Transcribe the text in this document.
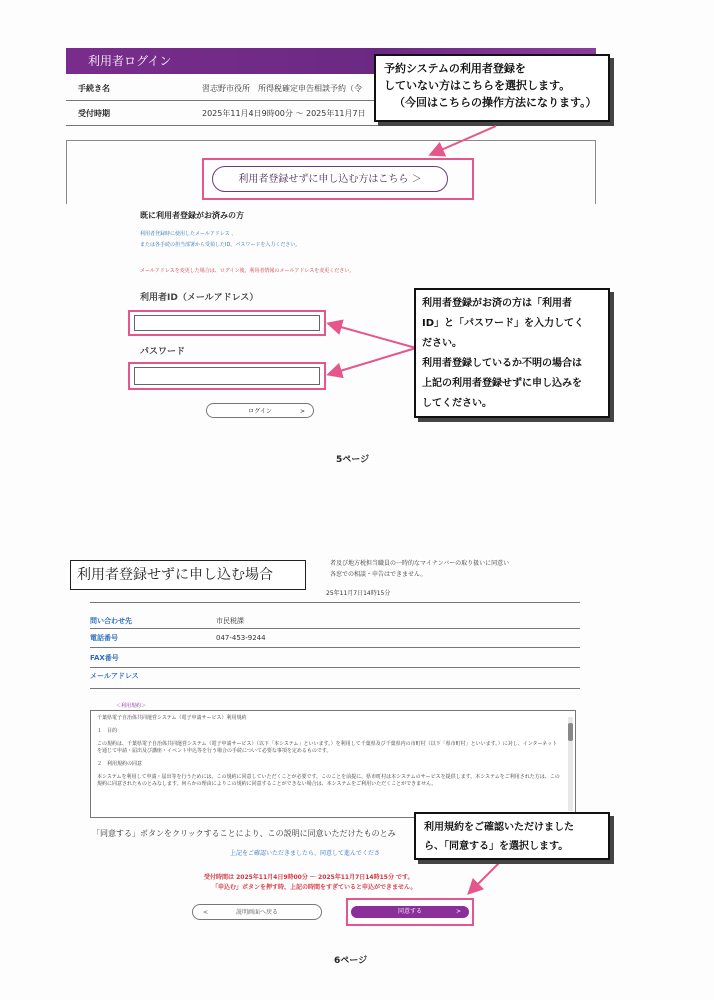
利用者ログイン
手続き名	習志野市役所　所得税確定申告相談予約（令
受付時期	2025年11月4日9時00分 ～ 2025年11月7日
利用者登録せずに申し込む方はこちら ＞
予約システムの利用者登録を
していない方はこちらを選択します。
（今回はこちらの操作方法になります。）
既に利用者登録がお済みの方
利用者登録時に使用したメールアドレス 、
または各手続の担当部署から受領したID、パスワードを入力ください。
メールアドレスを変更した場合は、ログイン後、利用者情報のメールアドレスを変更ください。
利用者ID（メールアドレス）
パスワード
ログイン	>
利用者登録がお済の方は「利用者
ID」と「パスワード」を入力してく
ださい。
利用者登録しているか不明の場合は
上記の利用者登録せずに申し込みを
してください。
5ページ
者及び地方税担当職員の一時的なマイナンバーの取り扱いに同意い
各窓での相談・申告はできません。
25年11月7日14時15分
利用者登録せずに申し込む場合
問い合わせ先	市民税課
電話番号	047-453-9244
FAX番号
メールアドレス
＜利用規約＞

千葉県電子自治体共同運営システム（電子申請サービス）利用規約

１　目的

この規約は、千葉県電子自治体共同運営システム（電子申請サービス）（以下「本システム」といいます。）を利用して千葉県及び千葉県内の市町村（以下「県市町村」といいます。）に対し、インターネットを通じて申請・届出及び講座・イベント申込等を行う場合の手続について必要な事項を定めるものです。

２　利用規約の同意

本システムを利用して申請・届出等を行うためには、この規約に同意していただくことが必要です。このことを前提に、県市町村は本システムのサービスを提供します。本システムをご利用された方は、この規約に同意されたものとみなします。何らかの理由によりこの規約に同意することができない場合は、本システムをご利用いただくことができません。

「同意する」ボタンをクリックすることにより、この説明に同意いただけたものとみ
上記をご確認いただきましたら、同意して進んでくださ
受付時間は 2025年11月4日9時00分 ～ 2025年11月7日14時15分 です。
「申込む」ボタンを押す時、上記の時間をすぎていると申込ができません。
利用規約をご確認いただけました
ら、「同意する」を選択します。
<	説明画面へ戻る	同意する	>
6ページ
